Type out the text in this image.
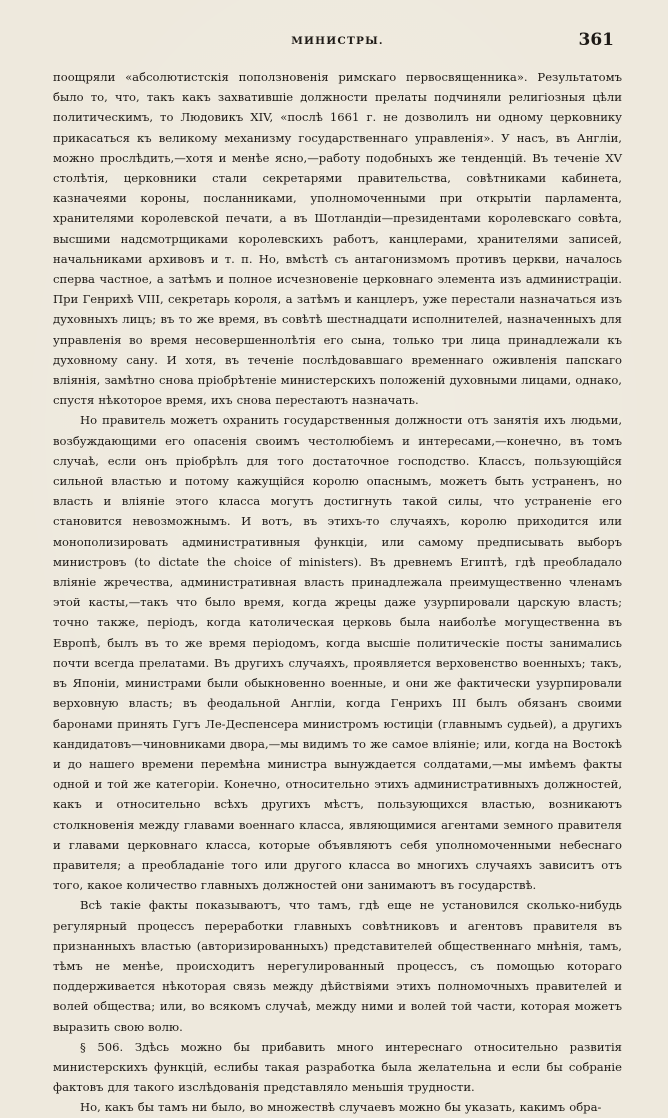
МИНИСТРЫ.	361

поощряли «абсолютистскія поползновенія римскаго первосвященника». Результатомъ было то, что, такъ какъ захватившіе должности прелаты подчиняли религіозныя цѣли политическимъ, то Людовикъ XIV, «послѣ 1661 г. не дозволилъ ни одному церковнику прикасаться къ великому механизму государственнаго управленія». У насъ, въ Англіи, можно прослѣдить,—хотя и менѣе ясно,—работу подобныхъ же тенденцій. Въ теченіе XV столѣтія, церковники стали секретарями правительства, совѣтниками кабинета, казначеями короны, посланниками, уполномоченными при открытіи парламента, хранителями королевской печати, а въ Шотландіи—президентами королевскаго совѣта, высшими надсмотрщиками королевскихъ работъ, канцлерами, хранителями записей, начальниками архивовъ и т. п. Но, вмѣстѣ съ антагонизмомъ противъ церкви, началось сперва частное, а затѣмъ и полное исчезновеніе церковнаго элемента изъ администраціи. При Генрихѣ VIII, секретарь короля, а затѣмъ и канцлеръ, уже перестали назначаться изъ духовныхъ лицъ; въ то же время, въ совѣтѣ шестнадцати исполнителей, назначенныхъ для управленія во время несовершеннолѣтія его сына, только три лица принадлежали къ духовному сану. И хотя, въ теченіе послѣдовавшаго временнаго оживленія папскаго вліянія, замѣтно снова пріобрѣтеніе министерскихъ положеній духовными лицами, однако, спустя нѣкоторое время, ихъ снова перестаютъ назначать.

Но правитель можетъ охранить государственныя должности отъ занятія ихъ людьми, возбуждающими его опасенія своимъ честолюбіемъ и интересами,—конечно, въ томъ случаѣ, если онъ пріобрѣлъ для того достаточное господство. Классъ, пользующійся сильной властью и потому кажущійся королю опаснымъ, можетъ быть устраненъ, но власть и вліяніе этого класса могутъ достигнуть такой силы, что устраненіе его становится невозможнымъ. И вотъ, въ этихъ-то случаяхъ, королю приходится или монополизировать административныя функціи, или самому предписывать выборъ министровъ (to dictate the choice of ministers). Въ древнемъ Египтѣ, гдѣ преобладало вліяніе жречества, административная власть принадлежала преимущественно членамъ этой касты,—такъ что было время, когда жрецы даже узурпировали царскую власть; точно также, періодъ, когда католическая церковь была наиболѣе могущественна въ Европѣ, былъ въ то же время періодомъ, когда высшіе политическіе посты занимались почти всегда прелатами. Въ другихъ случаяхъ, проявляется верховенство военныхъ; такъ, въ Японіи, министрами были обыкновенно военные, и они же фактически узурпировали верховную власть; въ феодальной Англіи, когда Генрихъ III былъ обязанъ своими баронами принять Гугъ Ле-Деспенсера министромъ юстиціи (главнымъ судьей), а другихъ кандидатовъ—чиновниками двора,—мы видимъ то же самое вліяніе; или, когда на Востокѣ и до нашего времени перемѣна министра вынуждается солдатами,—мы имѣемъ факты одной и той же категоріи. Конечно, относительно этихъ административныхъ должностей, какъ и относительно всѣхъ другихъ мѣстъ, пользующихся властью, возникаютъ столкновенія между главами военнаго класса, являющимися агентами земного правителя и главами церковнаго класса, которые объявляютъ себя уполномоченными небеснаго правителя; а преобладаніе того или другого класса во многихъ случаяхъ зависитъ отъ того, какое количество главныхъ должностей они занимаютъ въ государствѣ.

Всѣ такіе факты показываютъ, что тамъ, гдѣ еще не установился сколько-нибудь регулярный процессъ переработки главныхъ совѣтниковъ и агентовъ правителя въ признанныхъ властью (авторизированныхъ) представителей общественнаго мнѣнія, тамъ, тѣмъ не менѣе, происходитъ нерегулированный процессъ, съ помощью котораго поддерживается нѣкоторая связь между дѣйствіями этихъ полномочныхъ правителей и волей общества; или, во всякомъ случаѣ, между ними и волей той части, которая можетъ выразить свою волю.

§ 506. Здѣсь можно бы прибавить много интереснаго относительно развитія министерскихъ функцій, еслибы такая разработка была желательна и если бы собраніе фактовъ для такого изслѣдованія представляло меньшія трудности.

Но, какъ бы тамъ ни было, во множествѣ случаевъ можно бы указать, какимъ обра-
